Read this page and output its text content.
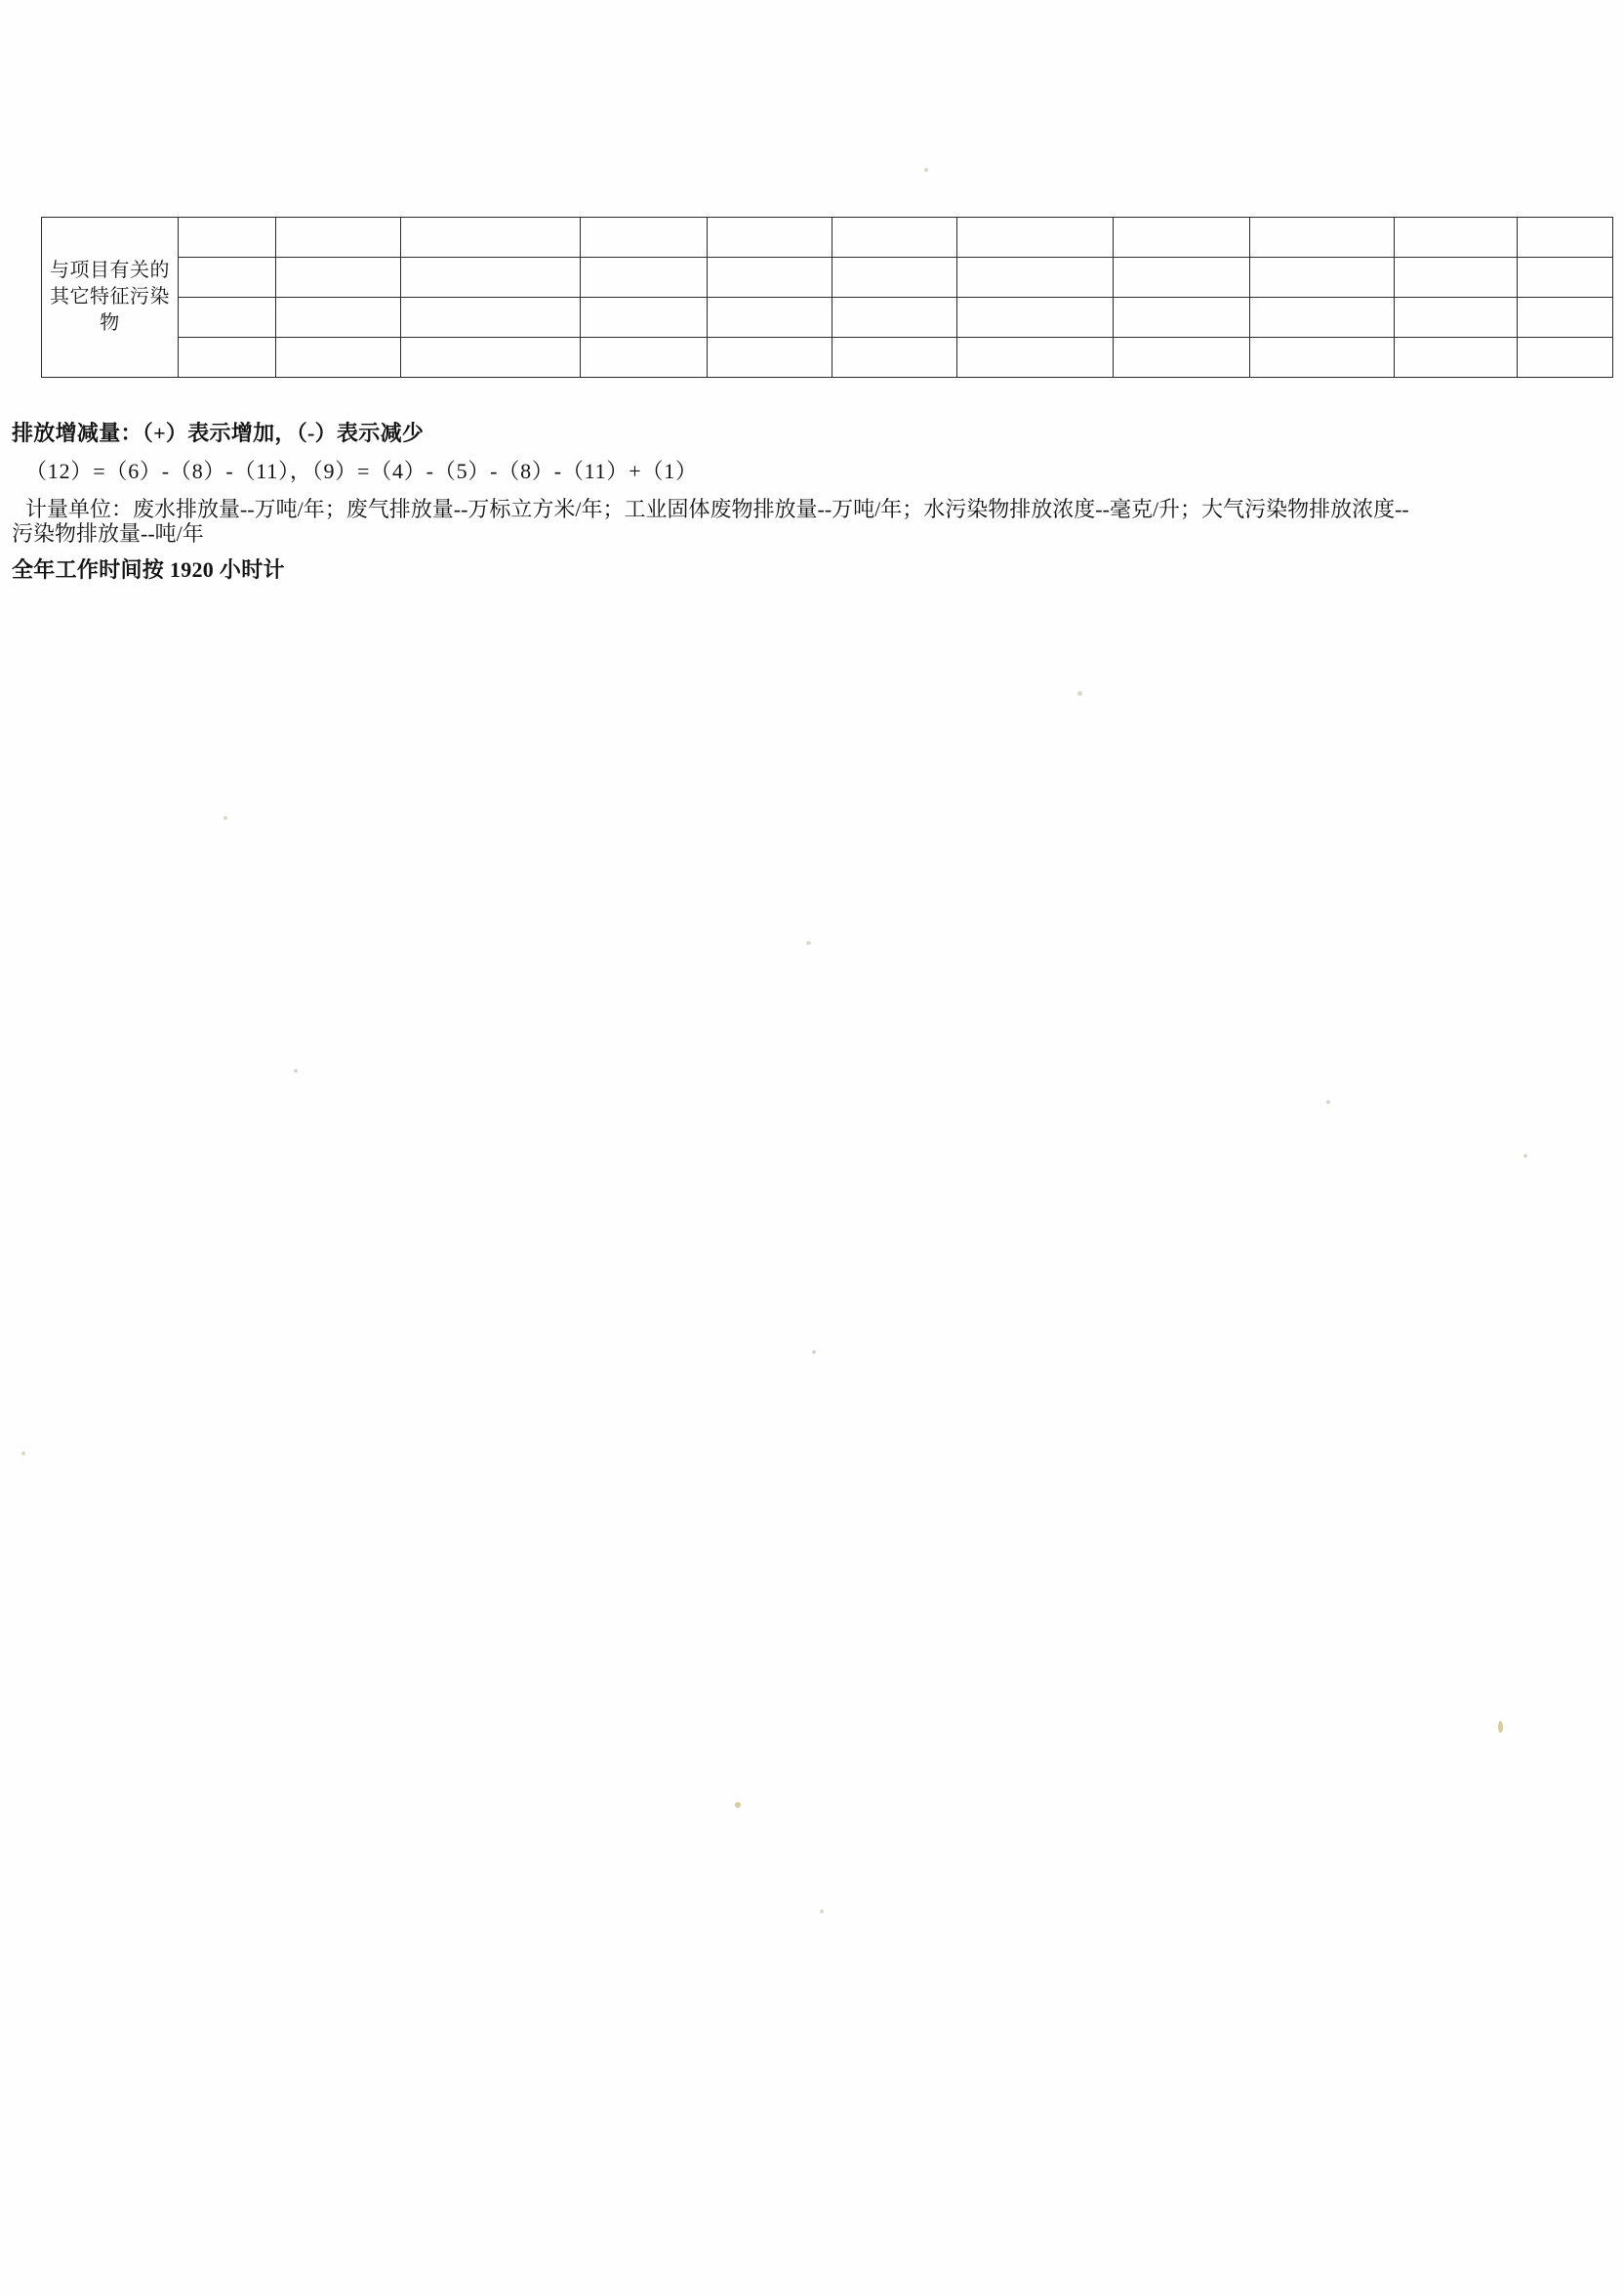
与项目有关的其它特征污染物											

排放增减量：（+）表示增加，（-）表示减少

（12）=（6）-（8）-（11），（9）=（4）-（5）-（8）-（11）+（1）

计量单位：废水排放量--万吨/年；废气排放量--万标立方米/年；工业固体废物排放量--万吨/年；水污染物排放浓度--毫克/升；大气污染物排放浓度--

污染物排放量--吨/年

全年工作时间按 1920 小时计
